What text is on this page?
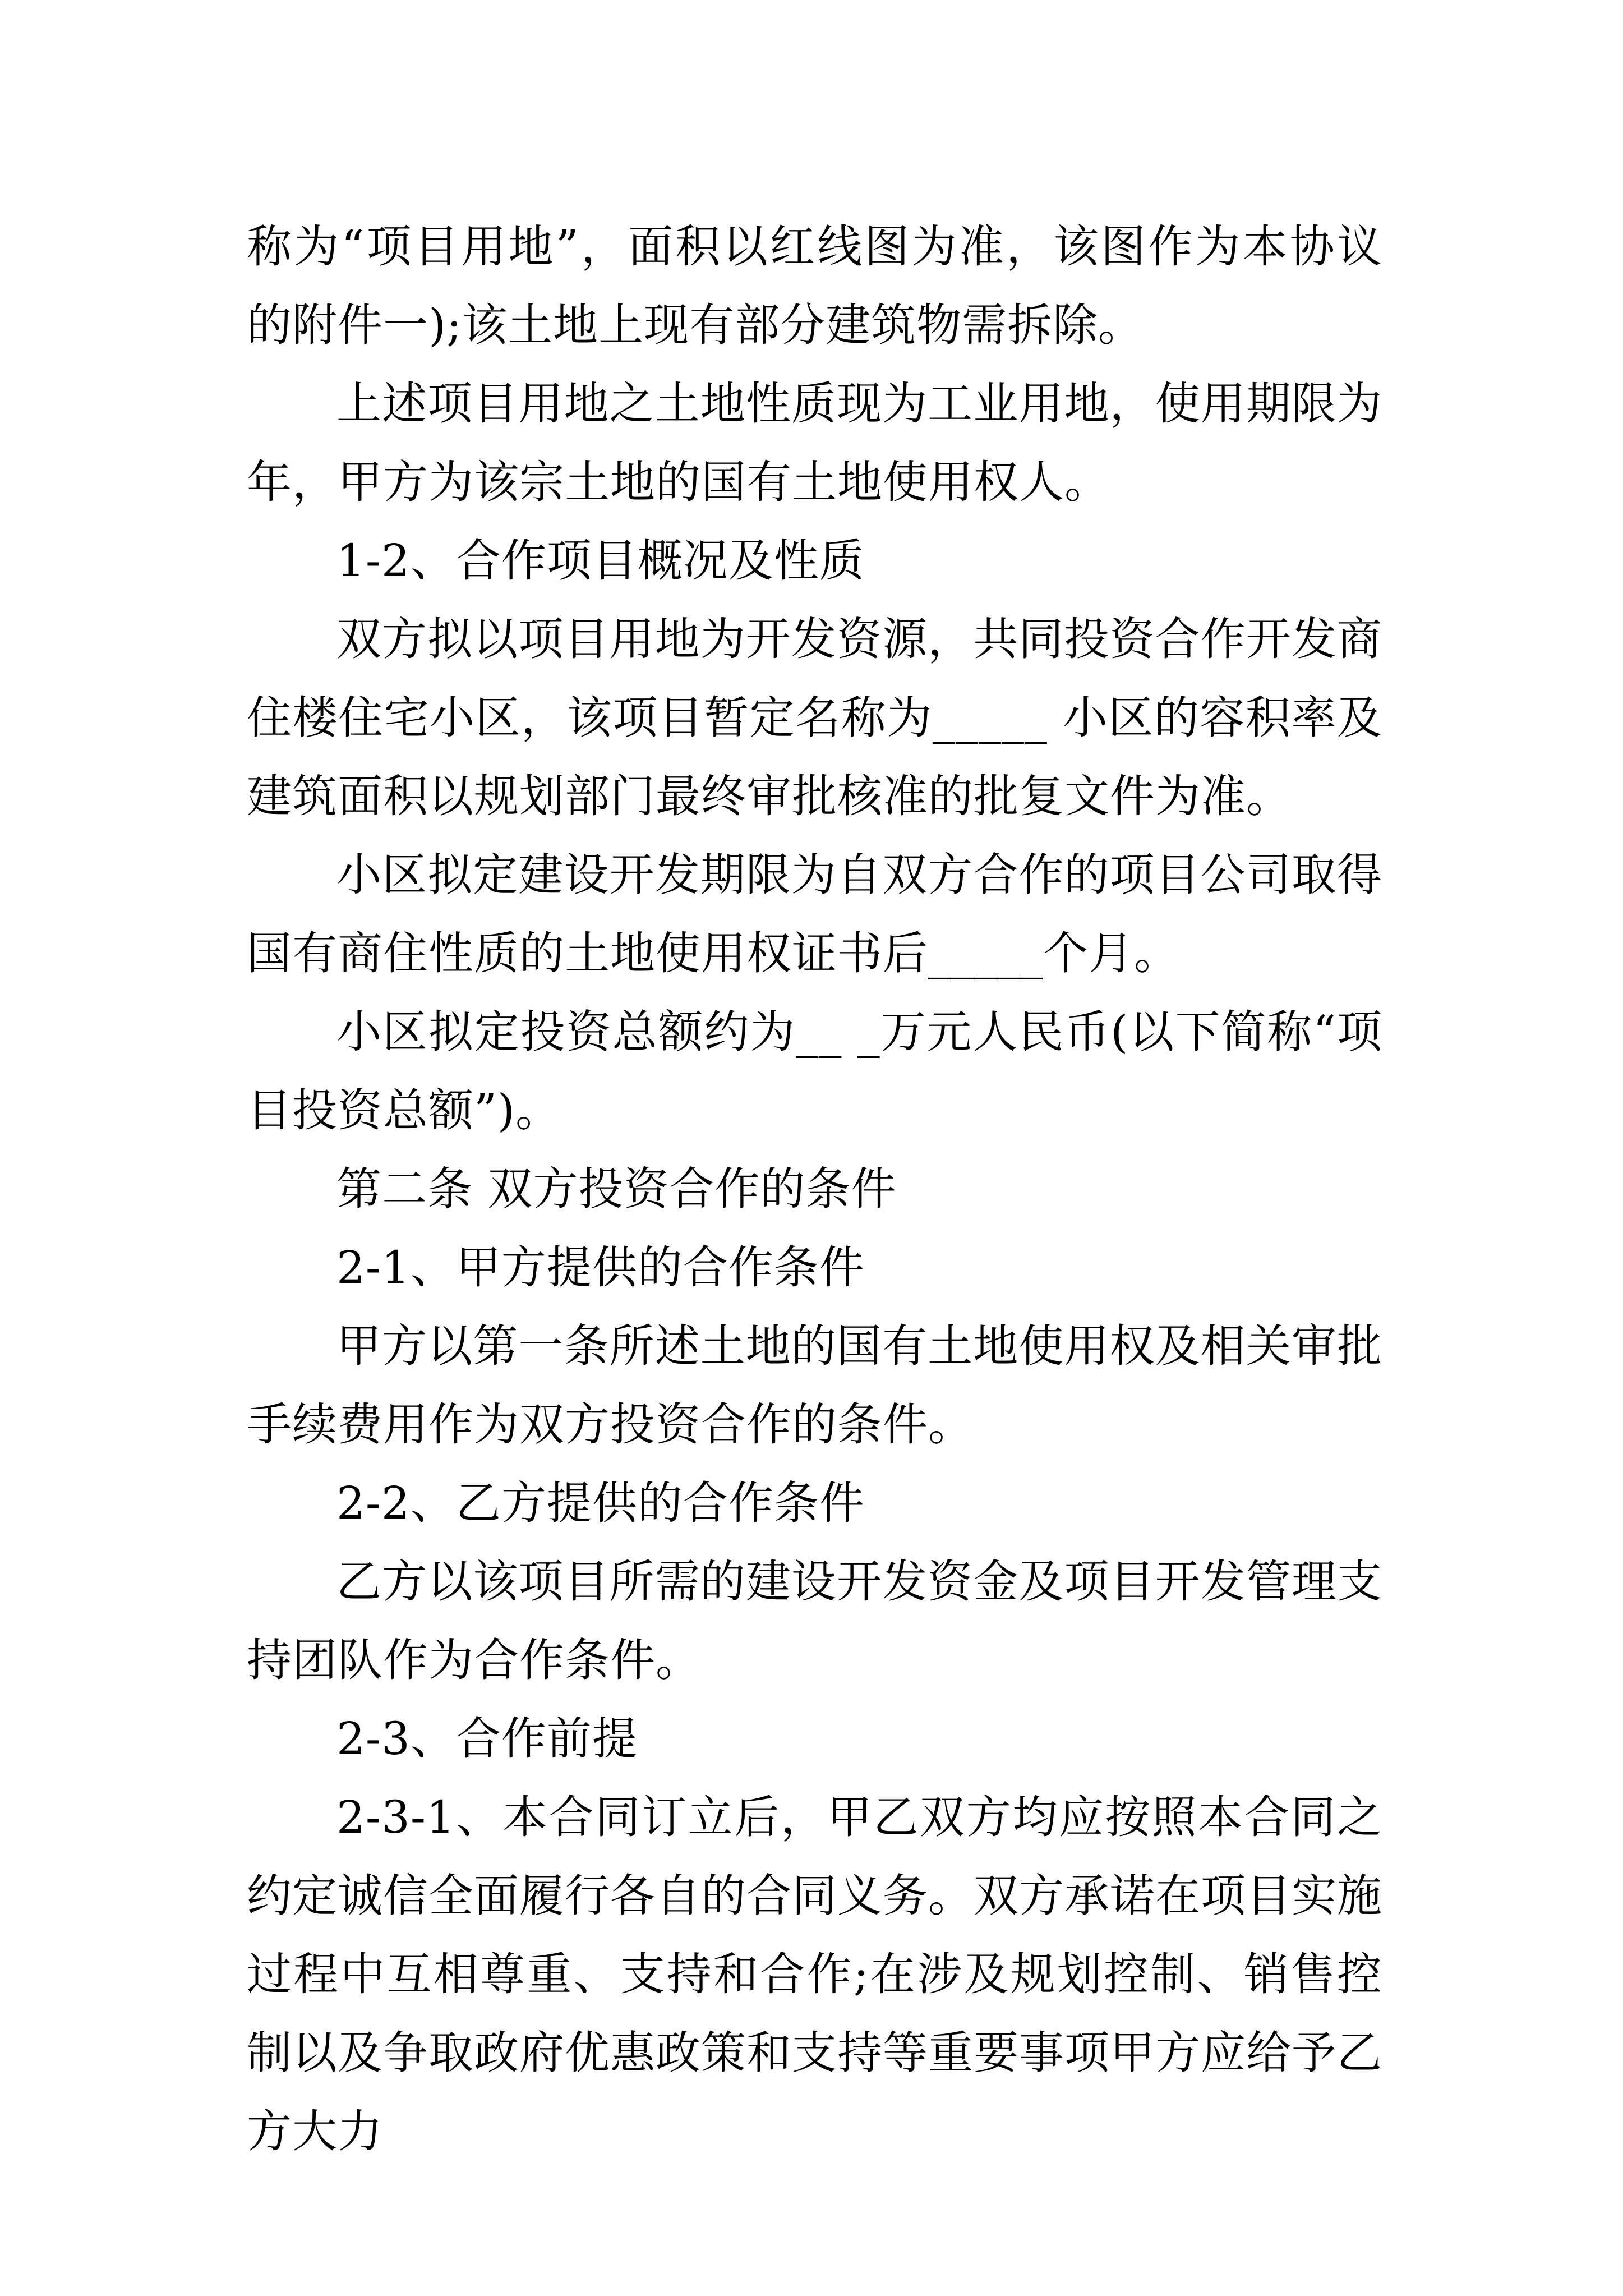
称为“项目用地”，面积以红线图为准，该图作为本协议的附件一);该土地上现有部分建筑物需拆除。

上述项目用地之土地性质现为工业用地，使用期限为年，甲方为该宗土地的国有土地使用权人。

1-2、合作项目概况及性质

双方拟以项目用地为开发资源，共同投资合作开发商住楼住宅小区，该项目暂定名称为_____ 小区的容积率及建筑面积以规划部门最终审批核准的批复文件为准。

小区拟定建设开发期限为自双方合作的项目公司取得国有商住性质的土地使用权证书后_____个月。

小区拟定投资总额约为__ _万元人民币(以下简称“项目投资总额”)。

第二条 双方投资合作的条件

2-1、甲方提供的合作条件

甲方以第一条所述土地的国有土地使用权及相关审批手续费用作为双方投资合作的条件。

2-2、乙方提供的合作条件

乙方以该项目所需的建设开发资金及项目开发管理支持团队作为合作条件。

2-3、合作前提

2-3-1、本合同订立后，甲乙双方均应按照本合同之约定诚信全面履行各自的合同义务。双方承诺在项目实施过程中互相尊重、支持和合作;在涉及规划控制、销售控制以及争取政府优惠政策和支持等重要事项甲方应给予乙方大力
